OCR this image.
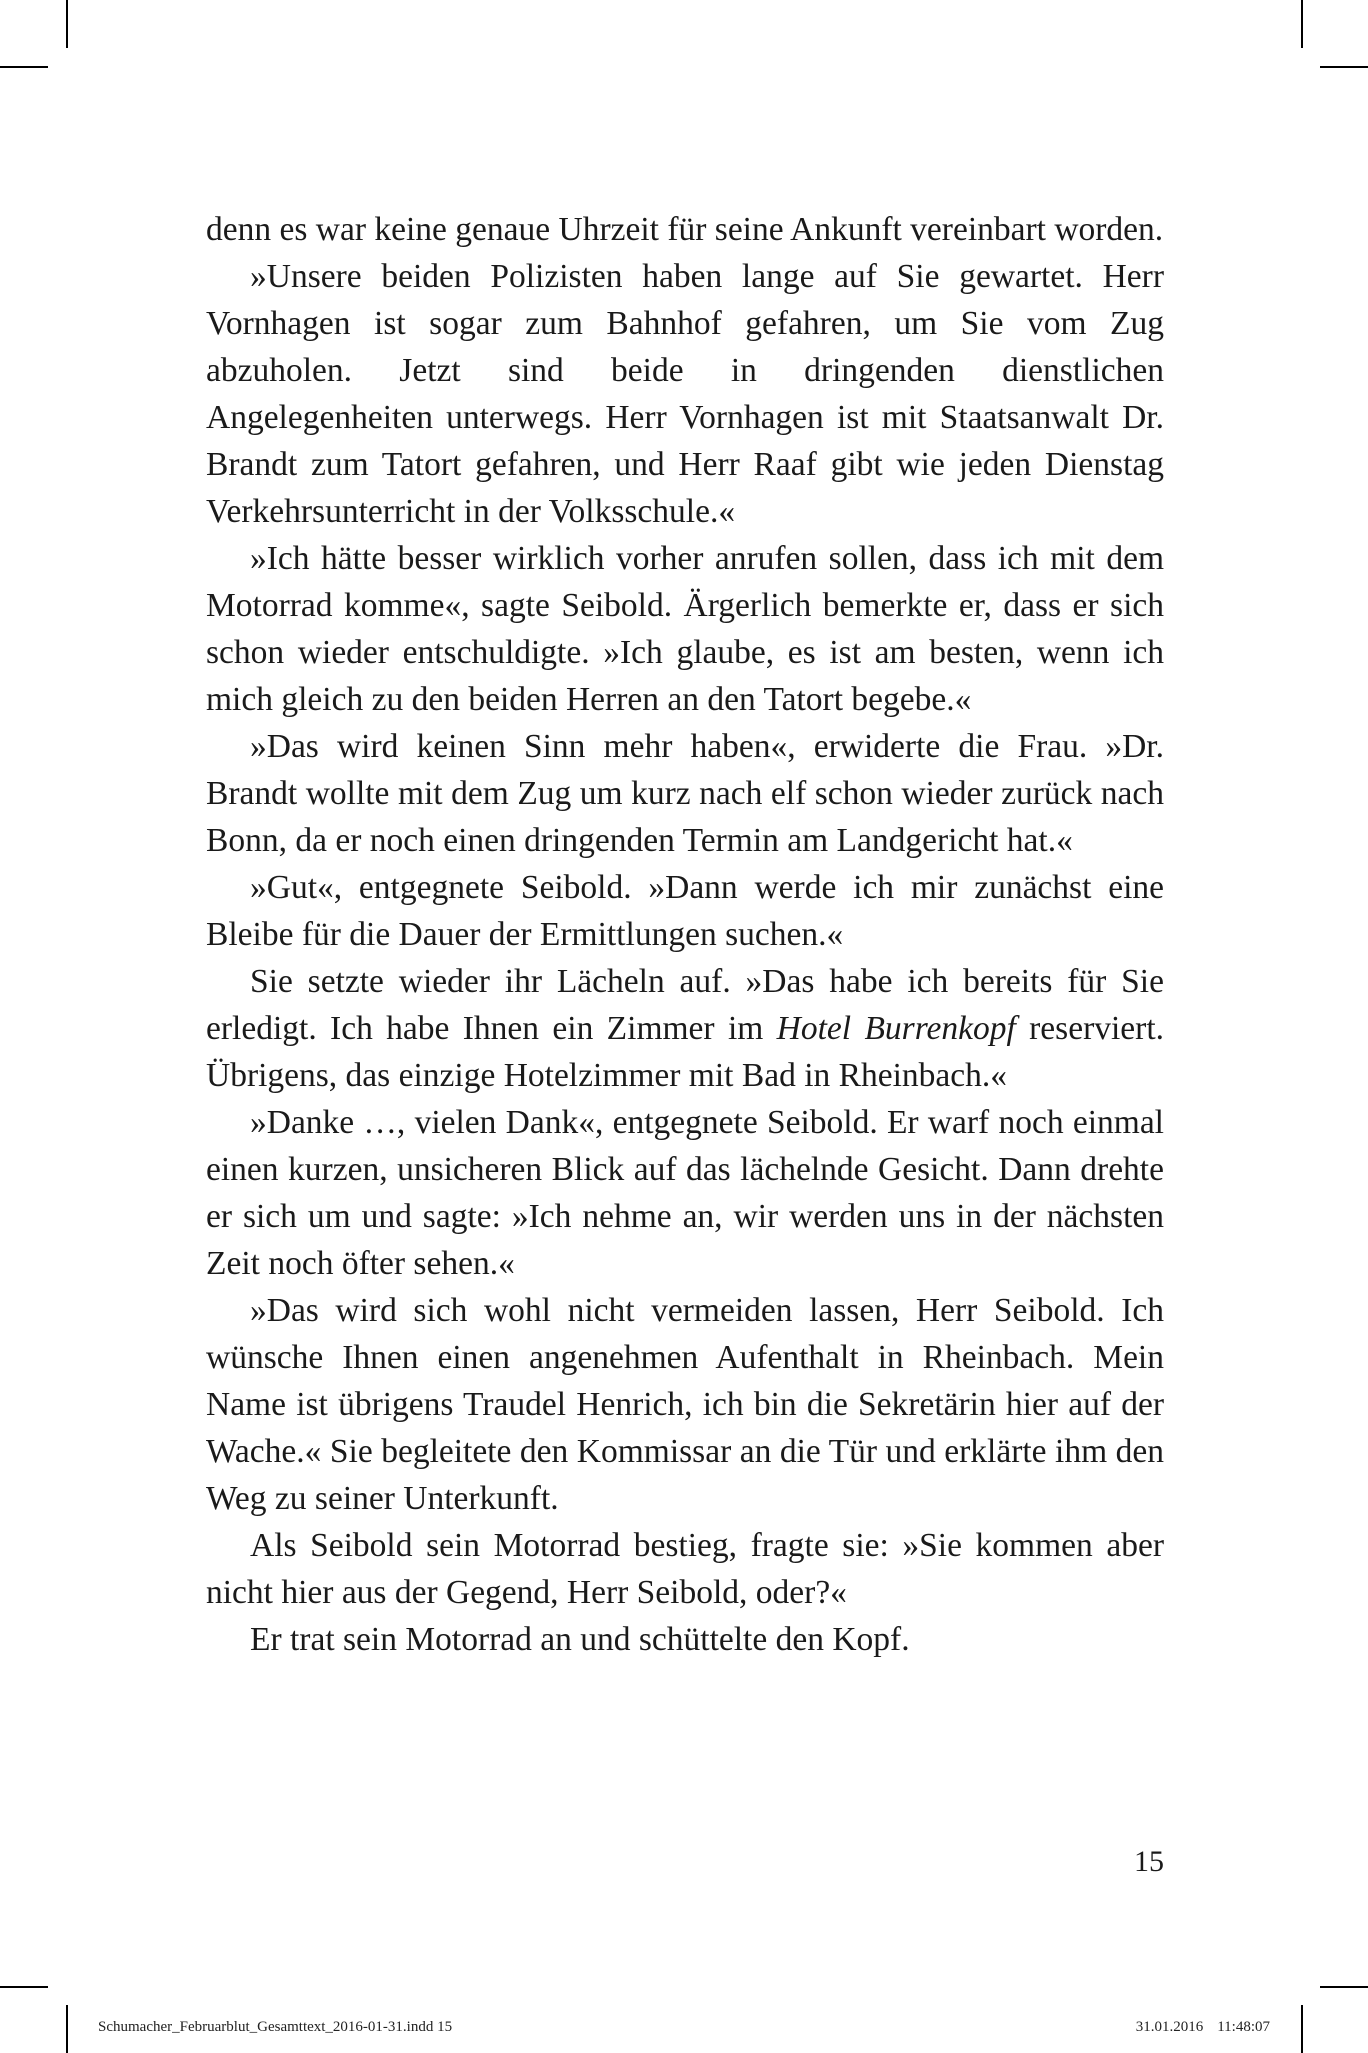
denn es war keine genaue Uhrzeit für seine Ankunft vereinbart worden.

»Unsere beiden Polizisten haben lange auf Sie gewartet. Herr Vornhagen ist sogar zum Bahnhof gefahren, um Sie vom Zug abzuholen. Jetzt sind beide in dringenden dienstlichen Angelegenheiten unterwegs. Herr Vornhagen ist mit Staatsanwalt Dr. Brandt zum Tatort gefahren, und Herr Raaf gibt wie jeden Dienstag Verkehrsunterricht in der Volksschule.«

»Ich hätte besser wirklich vorher anrufen sollen, dass ich mit dem Motorrad komme«, sagte Seibold. Ärgerlich bemerkte er, dass er sich schon wieder entschuldigte. »Ich glaube, es ist am besten, wenn ich mich gleich zu den beiden Herren an den Tatort begebe.«

»Das wird keinen Sinn mehr haben«, erwiderte die Frau. »Dr. Brandt wollte mit dem Zug um kurz nach elf schon wieder zurück nach Bonn, da er noch einen dringenden Termin am Landgericht hat.«

»Gut«, entgegnete Seibold. »Dann werde ich mir zunächst eine Bleibe für die Dauer der Ermittlungen suchen.«

Sie setzte wieder ihr Lächeln auf. »Das habe ich bereits für Sie erledigt. Ich habe Ihnen ein Zimmer im Hotel Burrenkopf reserviert. Übrigens, das einzige Hotelzimmer mit Bad in Rheinbach.«

»Danke …, vielen Dank«, entgegnete Seibold. Er warf noch einmal einen kurzen, unsicheren Blick auf das lächelnde Gesicht. Dann drehte er sich um und sagte: »Ich nehme an, wir werden uns in der nächsten Zeit noch öfter sehen.«

»Das wird sich wohl nicht vermeiden lassen, Herr Seibold. Ich wünsche Ihnen einen angenehmen Aufenthalt in Rheinbach. Mein Name ist übrigens Traudel Henrich, ich bin die Sekretärin hier auf der Wache.« Sie begleitete den Kommissar an die Tür und erklärte ihm den Weg zu seiner Unterkunft.

Als Seibold sein Motorrad bestieg, fragte sie: »Sie kommen aber nicht hier aus der Gegend, Herr Seibold, oder?«

Er trat sein Motorrad an und schüttelte den Kopf.

15
Schumacher_Februarblut_Gesamttext_2016-01-31.indd 15	31.01.2016 11:48:07
